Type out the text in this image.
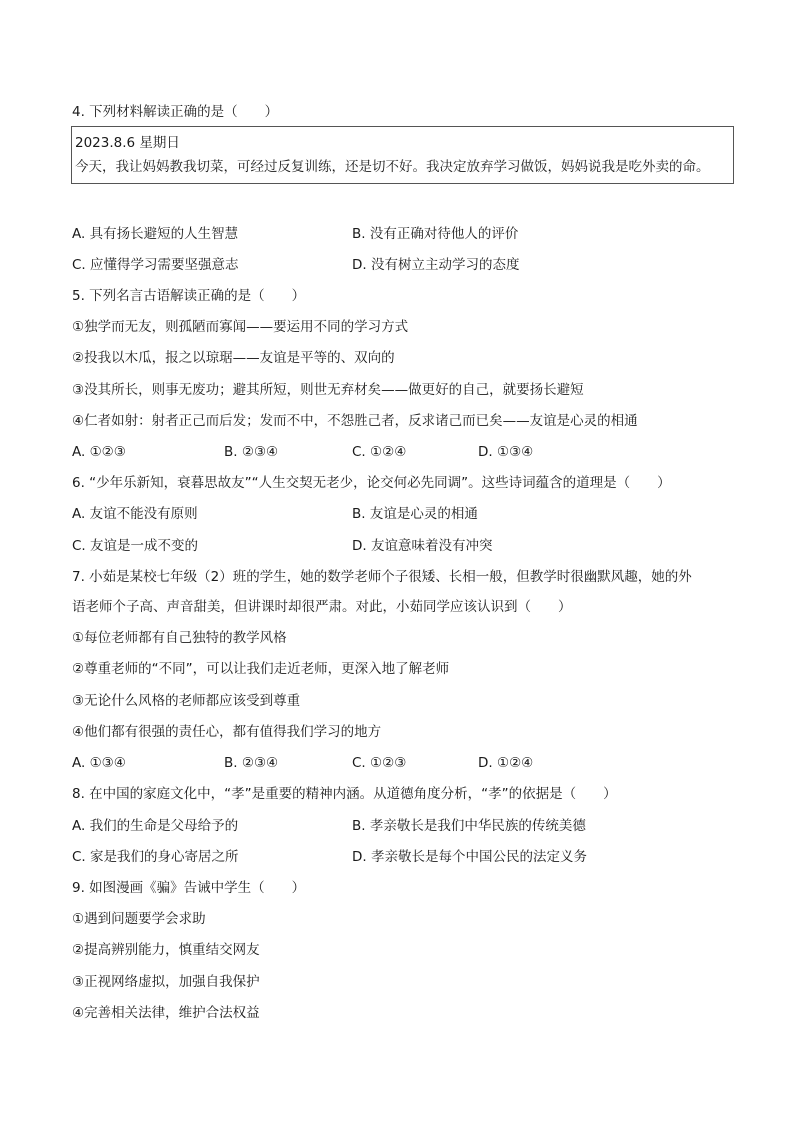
4. 下列材料解读正确的是（　　）
2023.8.6 星期日
今天，我让妈妈教我切菜，可经过反复训练，还是切不好。我决定放弃学习做饭，妈妈说我是吃外卖的命。
A. 具有扬长避短的人生智慧	B. 没有正确对待他人的评价
C. 应懂得学习需要坚强意志	D. 没有树立主动学习的态度
5. 下列名言古语解读正确的是（　　）
①独学而无友，则孤陋而寡闻——要运用不同的学习方式
②投我以木瓜，报之以琼琚——友谊是平等的、双向的
③没其所长，则事无废功；避其所短，则世无弃材矣——做更好的自己，就要扬长避短
④仁者如射：射者正己而后发；发而不中，不怨胜己者，反求诸己而已矣——友谊是心灵的相通
A. ①②③	B. ②③④	C. ①②④	D. ①③④
6. “少年乐新知，衰暮思故友”“人生交契无老少，论交何必先同调”。这些诗词蕴含的道理是（　　）
A. 友谊不能没有原则	B. 友谊是心灵的相通
C. 友谊是一成不变的	D. 友谊意味着没有冲突
7. 小茹是某校七年级（2）班的学生，她的数学老师个子很矮、长相一般，但教学时很幽默风趣，她的外
语老师个子高、声音甜美，但讲课时却很严肃。对此，小茹同学应该认识到（　　）
①每位老师都有自己独特的教学风格
②尊重老师的“不同”，可以让我们走近老师，更深入地了解老师
③无论什么风格的老师都应该受到尊重
④他们都有很强的责任心，都有值得我们学习的地方
A. ①③④	B. ②③④	C. ①②③	D. ①②④
8. 在中国的家庭文化中，“孝”是重要的精神内涵。从道德角度分析，“孝”的依据是（　　）
A. 我们的生命是父母给予的	B. 孝亲敬长是我们中华民族的传统美德
C. 家是我们的身心寄居之所	D. 孝亲敬长是每个中国公民的法定义务
9. 如图漫画《骗》告诫中学生（　　）
①遇到问题要学会求助
②提高辨别能力，慎重结交网友
③正视网络虚拟，加强自我保护
④完善相关法律，维护合法权益
